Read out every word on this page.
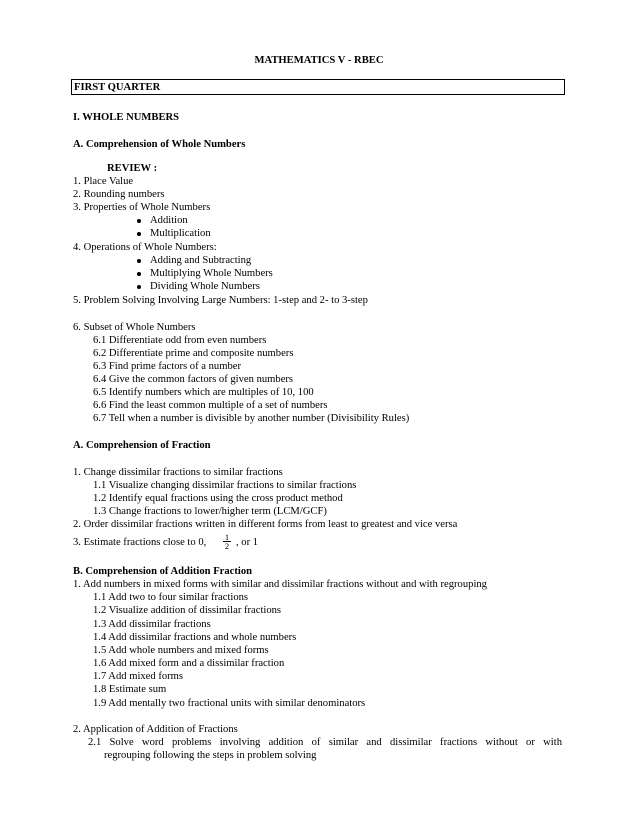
MATHEMATICS V - RBEC
FIRST QUARTER
I. WHOLE NUMBERS
A. Comprehension of Whole Numbers
REVIEW :
1. Place Value
2. Rounding numbers
3. Properties of Whole Numbers
Addition
Multiplication
4. Operations of Whole Numbers:
Adding and Subtracting
Multiplying Whole Numbers
Dividing Whole Numbers
5. Problem Solving Involving Large Numbers: 1-step and 2- to 3-step
6. Subset of Whole Numbers
6.1 Differentiate odd from even numbers
6.2 Differentiate prime and composite numbers
6.3 Find prime factors of a number
6.4 Give the common factors of given numbers
6.5 Identify numbers which are multiples of 10, 100
6.6 Find the least common multiple of a set of numbers
6.7 Tell when a number is divisible by another number (Divisibility Rules)
A. Comprehension of Fraction
1. Change dissimilar fractions to similar fractions
1.1 Visualize changing dissimilar fractions to similar fractions
1.2 Identify equal fractions using the cross product method
1.3 Change fractions to lower/higher term (LCM/GCF)
2. Order dissimilar fractions written in different forms from least to greatest and vice versa
3. Estimate fractions close to 0,	1
2 , or 1
B. Comprehension of Addition Fraction
1. Add numbers in mixed forms with similar and dissimilar fractions without and with regrouping
1.1 Add two to four similar fractions
1.2 Visualize addition of dissimilar fractions
1.3 Add dissimilar fractions
1.4 Add dissimilar fractions and whole numbers
1.5 Add whole numbers and mixed forms
1.6 Add mixed form and a dissimilar fraction
1.7 Add mixed forms
1.8 Estimate sum
1.9 Add mentally two fractional units with similar denominators
2. Application of Addition of Fractions
2.1 Solve word problems involving addition of similar and dissimilar fractions without or with
regrouping following the steps in problem solving
